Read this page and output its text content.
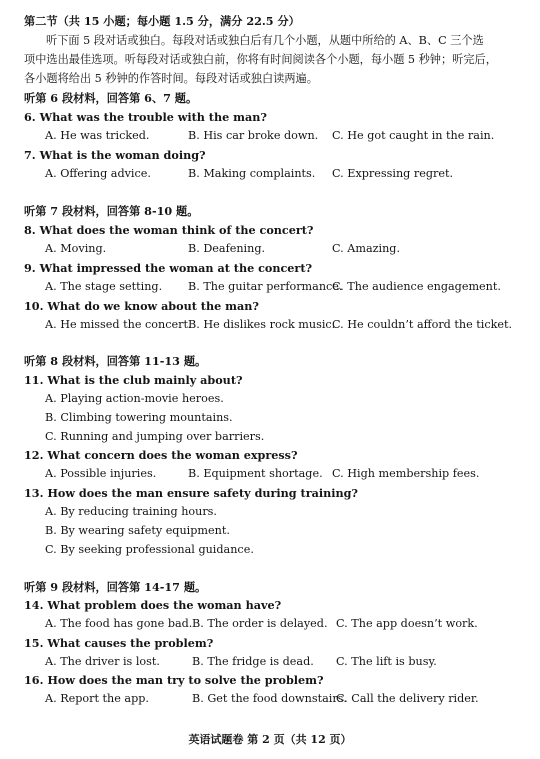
第二节（共 15 小题；每小题 1.5 分，满分 22.5 分）
听下面 5 段对话或独白。每段对话或独白后有几个小题，从题中所给的 A、B、C 三个选
项中选出最佳选项。听每段对话或独白前，你将有时间阅读各个小题，每小题 5 秒钟；听完后，
各小题将给出 5 秒钟的作答时间。每段对话或独白读两遍。
听第 6 段材料，回答第 6、7 题。
6. What was the trouble with the man?
A. He was tricked.	B. His car broke down. C. He got caught in the rain.
7. What is the woman doing?
A. Offering advice.	B. Making complaints. C. Expressing regret.
听第 7 段材料，回答第 8-10 题。
8. What does the woman think of the concert?
A. Moving.	B. Deafening.	C. Amazing.
9. What impressed the woman at the concert?
A. The stage setting. B. The guitar performance.
C. The audience engagement.
10. What do we know about the man?
A. He missed the concert.
B. He dislikes rock music.
C. He couldn’t afford the ticket.
听第 8 段材料，回答第 11-13 题。
11. What is the club mainly about?
A. Playing action-movie heroes.
B. Climbing towering mountains.
C. Running and jumping over barriers.
12. What concern does the woman express?
A. Possible injuries.	B. Equipment shortage. C. High membership fees.
13. How does the man ensure safety during training?
A. By reducing training hours.
B. By wearing safety equipment.
C. By seeking professional guidance.
听第 9 段材料，回答第 14-17 题。
14. What problem does the woman have?
A. The food has gone bad. B. The order is delayed. C. The app doesn’t work.
15. What causes the problem?
A. The driver is lost.	B. The fridge is dead. C. The lift is busy.
16. How does the man try to solve the problem?
A. Report the app.	B. Get the food downstairs.
C. Call the delivery rider.
英语试题卷 第 2 页（共 12 页）
